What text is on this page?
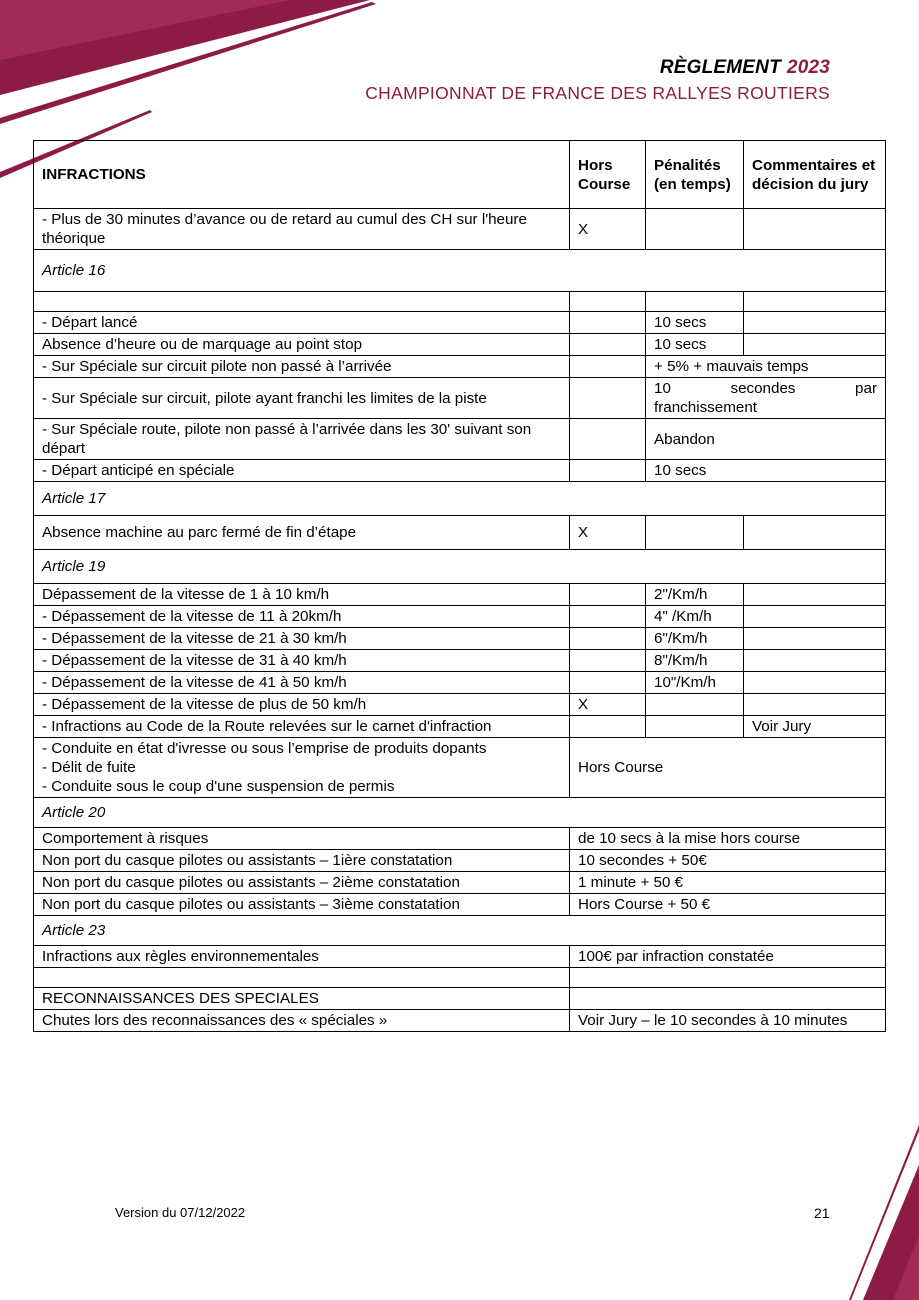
RÈGLEMENT 2023
CHAMPIONNAT DE FRANCE DES RALLYES ROUTIERS
INFRACTIONS	Hors Course	Pénalités (en temps)	Commentaires et décision du jury
- Plus de 30 minutes d’avance ou de retard au cumul des CH sur l'heure théorique	X		
Article 16			

- Départ lancé		10 secs	
Absence d’heure ou de marquage au point stop		10 secs	
- Sur Spéciale sur circuit pilote non passé à l’arrivée		+ 5% + mauvais temps	
- Sur Spéciale sur circuit, pilote ayant franchi les limites de la piste		10 secondes par
franchissement	

- Sur Spéciale route, pilote non passé à l’arrivée dans les 30' suivant son départ		Abandon	
- Départ anticipé en spéciale		10 secs	
Article 17			
Absence machine au parc fermé de fin d’étape	X		
Article 19			
Dépassement de la vitesse de 1 à 10 km/h		2"/Km/h	
- Dépassement de la vitesse de 11 à 20km/h		4" /Km/h	
- Dépassement de la vitesse de 21 à 30 km/h		6"/Km/h	
- Dépassement de la vitesse de 31 à 40 km/h		8"/Km/h	
- Dépassement de la vitesse de 41 à 50 km/h		10"/Km/h	
- Dépassement de la vitesse de plus de 50 km/h	X		
- Infractions au Code de la Route relevées sur le carnet d'infraction			Voir Jury

- Conduite en état d'ivresse ou sous l’emprise de produits dopants
- Délit de fuite
- Conduite sous le coup d'une suspension de permis	Hors Course		
Article 20			
Comportement à risques	de 10 secs à la mise hors course		
Non port du casque pilotes ou assistants – 1ière constatation	10 secondes + 50€		
Non port du casque pilotes ou assistants – 2ième constatation	1 minute + 50 €		
Non port du casque pilotes ou assistants – 3ième constatation	Hors Course + 50 €		
Article 23			
Infractions aux règles environnementales	100€ par infraction constatée		

RECONNAISSANCES DES SPECIALES			
Chutes lors des reconnaissances des « spéciales »	Voir Jury – le 10 secondes à 10 minutes		
Version du 07/12/2022	21
